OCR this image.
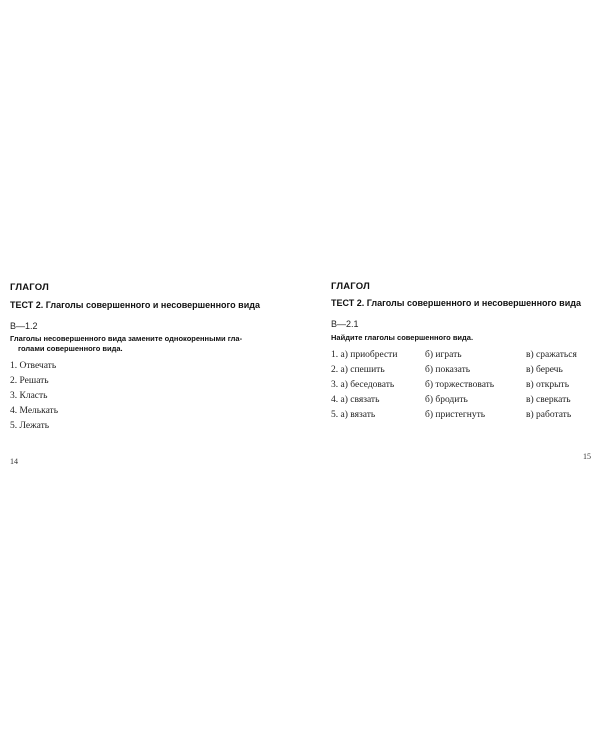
ГЛАГОЛ
ТЕСТ 2. Глаголы совершенного и несовершенного вида
В—1.2
Глаголы несовершенного вида замените однокоренными гла-
голами совершенного вида.
1. Отвечать
2. Решать
3. Класть
4. Мелькать
5. Лежать
14
ГЛАГОЛ
ТЕСТ 2. Глаголы совершенного и несовершенного вида
В—2.1
Найдите глаголы совершенного вида.
1. а) приобрести	б) играть	в) сражаться
2. а) спешить	б) показать	в) беречь
3. а) беседовать	б) торжествовать	в) открыть
4. а) связать	б) бродить	в) сверкать
5. а) вязать	б) пристегнуть	в) работать
15
